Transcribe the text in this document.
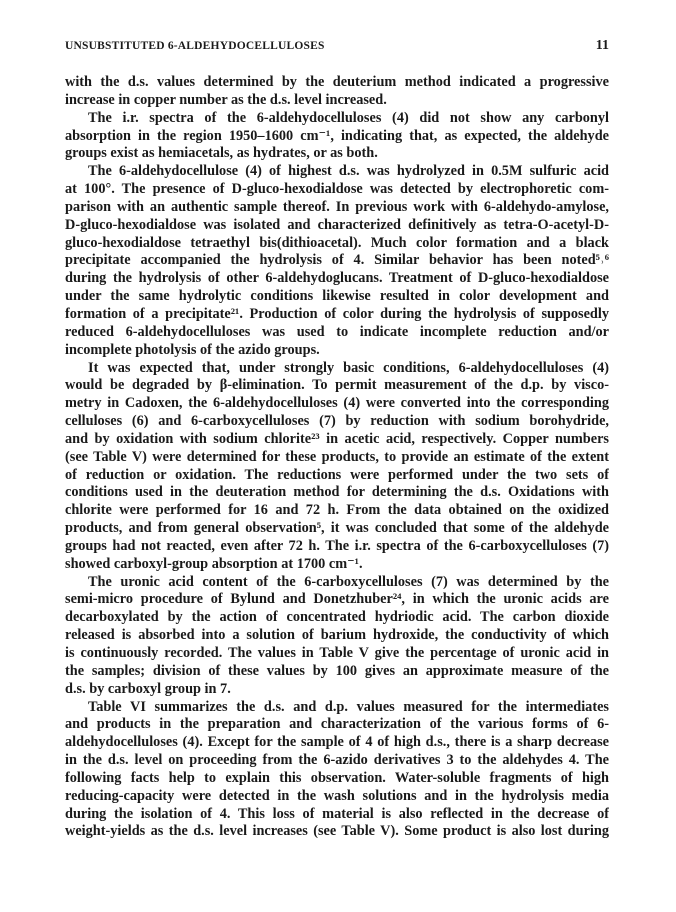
UNSUBSTITUTED 6-ALDEHYDOCELLULOSES	11
with the d.s. values determined by the deuterium method indicated a progressive
increase in copper number as the d.s. level increased.
The i.r. spectra of the 6-aldehydocelluloses (4) did not show any carbonyl
absorption in the region 1950–1600 cm⁻¹, indicating that, as expected, the aldehyde
groups exist as hemiacetals, as hydrates, or as both.
The 6-aldehydocellulose (4) of highest d.s. was hydrolyzed in 0.5M sulfuric acid
at 100°. The presence of D-gluco-hexodialdose was detected by electrophoretic com-
parison with an authentic sample thereof. In previous work with 6-aldehydo-amylose,
D-gluco-hexodialdose was isolated and characterized definitively as tetra-O-acetyl-D-
gluco-hexodialdose tetraethyl bis(dithioacetal). Much color formation and a black
precipitate accompanied the hydrolysis of 4. Similar behavior has been noted⁵˒⁶
during the hydrolysis of other 6-aldehydoglucans. Treatment of D-gluco-hexodialdose
under the same hydrolytic conditions likewise resulted in color development and
formation of a precipitate²¹. Production of color during the hydrolysis of supposedly
reduced 6-aldehydocelluloses was used to indicate incomplete reduction and/or
incomplete photolysis of the azido groups.
It was expected that, under strongly basic conditions, 6-aldehydocelluloses (4)
would be degraded by β-elimination. To permit measurement of the d.p. by visco-
metry in Cadoxen, the 6-aldehydocelluloses (4) were converted into the corresponding
celluloses (6) and 6-carboxycelluloses (7) by reduction with sodium borohydride,
and by oxidation with sodium chlorite²³ in acetic acid, respectively. Copper numbers
(see Table V) were determined for these products, to provide an estimate of the extent
of reduction or oxidation. The reductions were performed under the two sets of
conditions used in the deuteration method for determining the d.s. Oxidations with
chlorite were performed for 16 and 72 h. From the data obtained on the oxidized
products, and from general observation⁵, it was concluded that some of the aldehyde
groups had not reacted, even after 72 h. The i.r. spectra of the 6-carboxycelluloses (7)
showed carboxyl-group absorption at 1700 cm⁻¹.
The uronic acid content of the 6-carboxycelluloses (7) was determined by the
semi-micro procedure of Bylund and Donetzhuber²⁴, in which the uronic acids are
decarboxylated by the action of concentrated hydriodic acid. The carbon dioxide
released is absorbed into a solution of barium hydroxide, the conductivity of which
is continuously recorded. The values in Table V give the percentage of uronic acid in
the samples; division of these values by 100 gives an approximate measure of the
d.s. by carboxyl group in 7.
Table VI summarizes the d.s. and d.p. values measured for the intermediates
and products in the preparation and characterization of the various forms of 6-
aldehydocelluloses (4). Except for the sample of 4 of high d.s., there is a sharp decrease
in the d.s. level on proceeding from the 6-azido derivatives 3 to the aldehydes 4. The
following facts help to explain this observation. Water-soluble fragments of high
reducing-capacity were detected in the wash solutions and in the hydrolysis media
during the isolation of 4. This loss of material is also reflected in the decrease of
weight-yields as the d.s. level increases (see Table V). Some product is also lost during
